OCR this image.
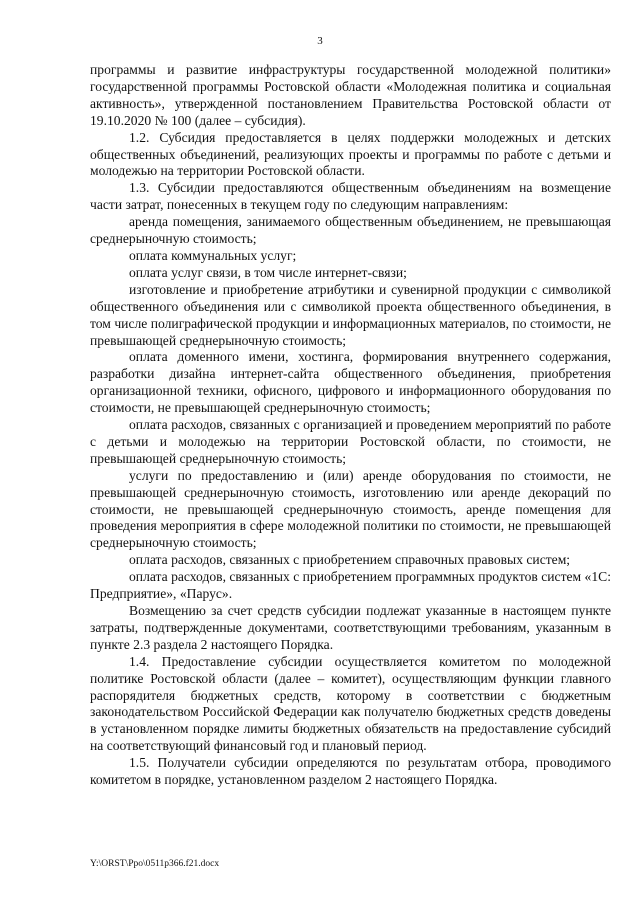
3

программы и развитие инфраструктуры государственной молодежной политики» государственной программы Ростовской области «Молодежная политика и социальная активность», утвержденной постановлением Правительства Ростовской области от 19.10.2020 № 100 (далее – субсидия).

1.2. Субсидия предоставляется в целях поддержки молодежных и детских общественных объединений, реализующих проекты и программы по работе с детьми и молодежью на территории Ростовской области.

1.3. Субсидии предоставляются общественным объединениям на возмещение части затрат, понесенных в текущем году по следующим направлениям:

аренда помещения, занимаемого общественным объединением, не превышающая среднерыночную стоимость;

оплата коммунальных услуг;

оплата услуг связи, в том числе интернет-связи;

изготовление и приобретение атрибутики и сувенирной продукции с символикой общественного объединения или с символикой проекта общественного объединения, в том числе полиграфической продукции и информационных материалов, по стоимости, не превышающей среднерыночную стоимость;

оплата доменного имени, хостинга, формирования внутреннего содержания, разработки дизайна интернет-сайта общественного объединения, приобретения организационной техники, офисного, цифрового и информационного оборудования по стоимости, не превышающей среднерыночную стоимость;

оплата расходов, связанных с организацией и проведением мероприятий по работе с детьми и молодежью на территории Ростовской области, по стоимости, не превышающей среднерыночную стоимость;

услуги по предоставлению и (или) аренде оборудования по стоимости, не превышающей среднерыночную стоимость, изготовлению или аренде декораций по стоимости, не превышающей среднерыночную стоимость, аренде помещения для проведения мероприятия в сфере молодежной политики по стоимости, не превышающей среднерыночную стоимость;

оплата расходов, связанных с приобретением справочных правовых систем;

оплата расходов, связанных с приобретением программных продуктов систем «1С: Предприятие», «Парус».

Возмещению за счет средств субсидии подлежат указанные в настоящем пункте затраты, подтвержденные документами, соответствующими требованиям, указанным в пункте 2.3 раздела 2 настоящего Порядка.

1.4. Предоставление субсидии осуществляется комитетом по молодежной политике Ростовской области (далее – комитет), осуществляющим функции главного распорядителя бюджетных средств, которому в соответствии с бюджетным законодательством Российской Федерации как получателю бюджетных средств доведены в установленном порядке лимиты бюджетных обязательств на предоставление субсидий на соответствующий финансовый год и плановый период.

1.5. Получатели субсидии определяются по результатам отбора, проводимого комитетом в порядке, установленном разделом 2 настоящего Порядка.

Y:\ORST\Ppo\0511p366.f21.docx
